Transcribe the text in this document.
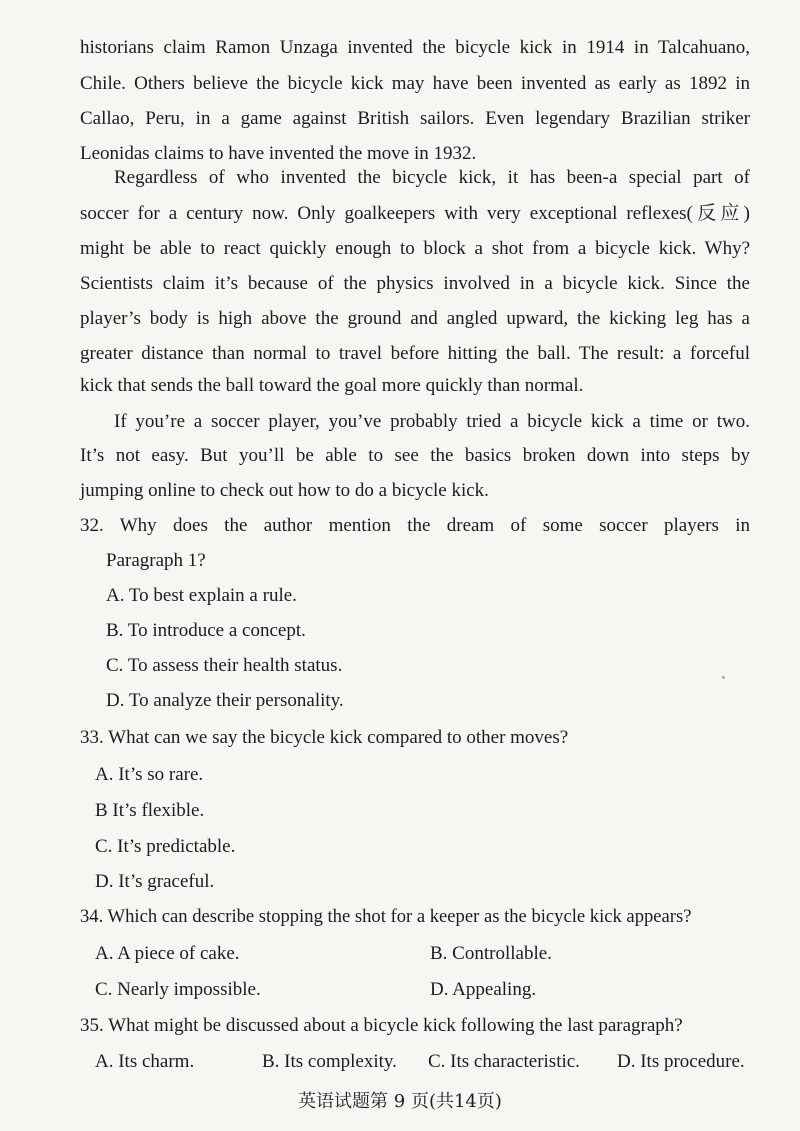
historians claim Ramon Unzaga invented the bicycle kick in 1914 in Talcahuano,
Chile. Others believe the bicycle kick may have been invented as early as 1892 in
Callao, Peru, in a game against British sailors. Even legendary Brazilian striker
Leonidas claims to have invented the move in 1932.
Regardless of who invented the bicycle kick, it has been-a special part of
soccer for a century now. Only goalkeepers with very exceptional reflexes(反应)
might be able to react quickly enough to block a shot from a bicycle kick. Why?
Scientists claim it’s because of the physics involved in a bicycle kick. Since the
player’s body is high above the ground and angled upward, the kicking leg has a
greater distance than normal to travel before hitting the ball. The result: a forceful
kick that sends the ball toward the goal more quickly than normal.
If you’re a soccer player, you’ve probably tried a bicycle kick a time or two.
It’s not easy. But you’ll be able to see the basics broken down into steps by
jumping online to check out how to do a bicycle kick.
32. Why does the author mention the dream of some soccer players in
Paragraph 1?
A. To best explain a rule.
B. To introduce a concept.
C. To assess their health status.
D. To analyze their personality.
33. What can we say the bicycle kick compared to other moves?
A. It’s so rare.
B It’s flexible.
C. It’s predictable.
D. It’s graceful.
34. Which can describe stopping the shot for a keeper as the bicycle kick appears?
A. A piece of cake.	B. Controllable.
C. Nearly impossible.	D. Appealing.
35. What might be discussed about a bicycle kick following the last paragraph?
A. Its charm.	B. Its complexity. C. Its characteristic. D. Its procedure.
英语试题第 9 页(共14页)
